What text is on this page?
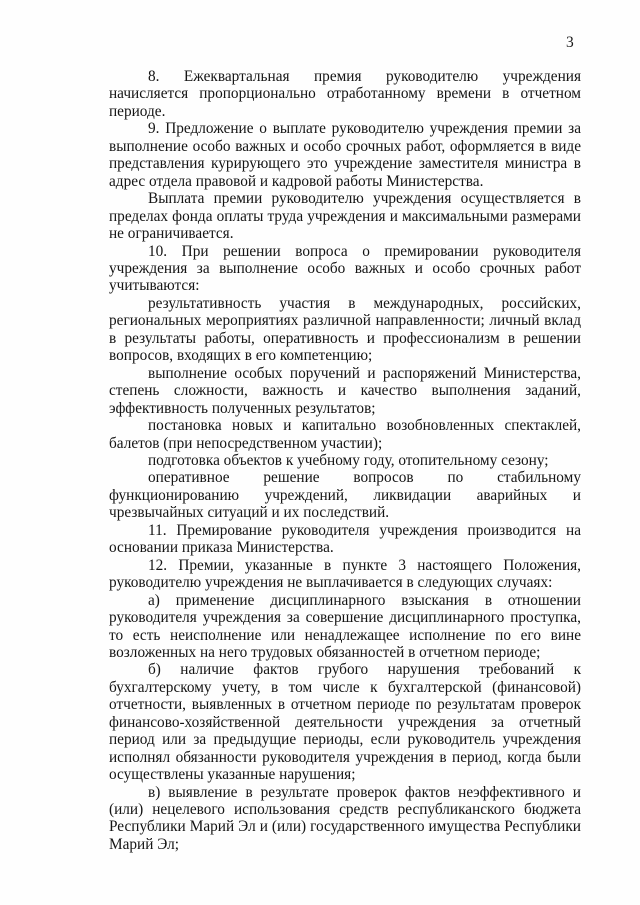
3

8. Ежеквартальная премия руководителю учреждения начисляется пропорционально отработанному времени в отчетном периоде.

9. Предложение о выплате руководителю учреждения премии за выполнение особо важных и особо срочных работ, оформляется в виде представления курирующего это учреждение заместителя министра в адрес отдела правовой и кадровой работы Министерства.

Выплата премии руководителю учреждения осуществляется в пределах фонда оплаты труда учреждения и максимальными размерами не ограничивается.

10. При решении вопроса о премировании руководителя учреждения за выполнение особо важных и особо срочных работ учитываются:

результативность участия в международных, российских, региональных мероприятиях различной направленности; личный вклад в результаты работы, оперативность и профессионализм в решении вопросов, входящих в его компетенцию;

выполнение особых поручений и распоряжений Министерства, степень сложности, важность и качество выполнения заданий, эффективность полученных результатов;

постановка новых и капитально возобновленных спектаклей, балетов (при непосредственном участии);

подготовка объектов к учебному году, отопительному сезону;

оперативное решение вопросов по стабильному функционированию учреждений, ликвидации аварийных и чрезвычайных ситуаций и их последствий.

11. Премирование руководителя учреждения производится на основании приказа Министерства.

12. Премии, указанные в пункте 3 настоящего Положения, руководителю учреждения не выплачивается в следующих случаях:

а) применение дисциплинарного взыскания в отношении руководителя учреждения за совершение дисциплинарного проступка, то есть неисполнение или ненадлежащее исполнение по его вине возложенных на него трудовых обязанностей в отчетном периоде;

б) наличие фактов грубого нарушения требований к бухгалтерскому учету, в том числе к бухгалтерской (финансовой) отчетности, выявленных в отчетном периоде по результатам проверок финансово-хозяйственной деятельности учреждения за отчетный период или за предыдущие периоды, если руководитель учреждения исполнял обязанности руководителя учреждения в период, когда были осуществлены указанные нарушения;

в) выявление в результате проверок фактов неэффективного и (или) нецелевого использования средств республиканского бюджета Республики Марий Эл и (или) государственного имущества Республики Марий Эл;
